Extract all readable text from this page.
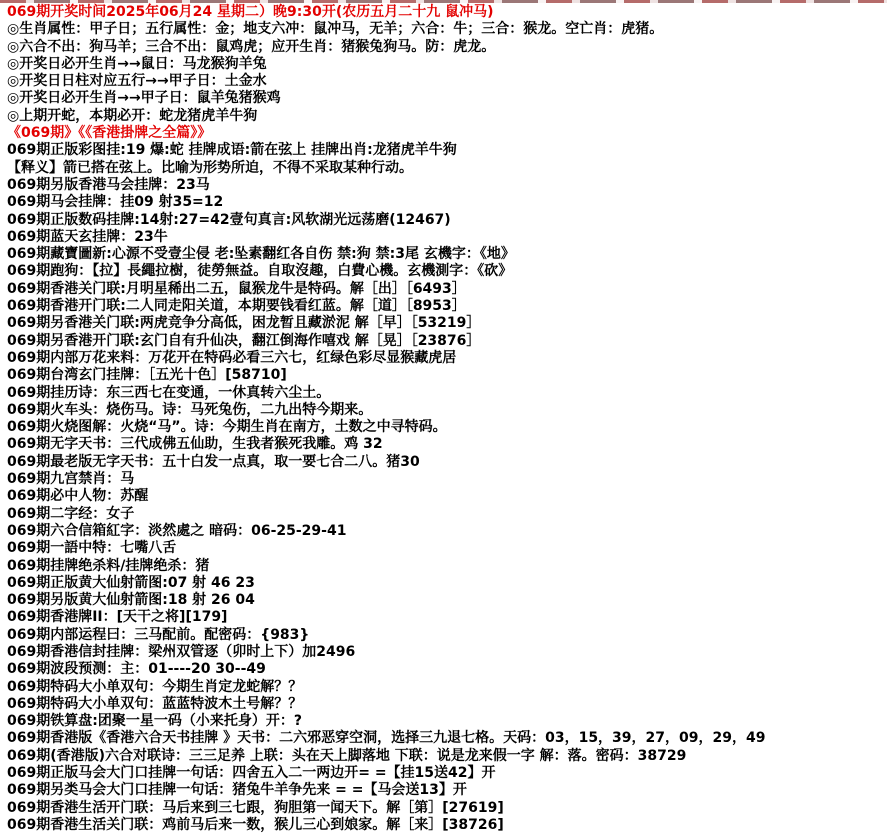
069期开奖时间2025年06月24 星期二）晚9:30开(农历五月二十九 鼠冲马)
◎生肖属性：甲子日；五行属性：金；地支六冲：鼠冲马，无羊；六合：牛；三合：猴龙。空亡肖：虎猪。
◎六合不出：狗马羊；三合不出：鼠鸡虎；应开生肖：猪猴兔狗马。防：虎龙。
◎开奖日必开生肖→→鼠日：马龙猴狗羊兔
◎开奖日日柱对应五行→→甲子日：土金水
◎开奖日必开生肖→→甲子日：鼠羊兔猪猴鸡
◎上期开蛇，本期必开：蛇龙猪虎羊牛狗
《069期》《《香港掛牌之全篇》》
069期正版彩图挂:19 爆:蛇 挂牌成语:箭在弦上 挂牌出肖:龙猪虎羊牛狗
【释义】箭已搭在弦上。比喻为形势所迫，不得不采取某种行动。
069期另版香港马会挂牌：23马
069期马会挂牌：挂09 射35=12
069期正版数码挂牌:14射:27=42壹句真言:风软湖光远荡磨(12467)
069期蓝天玄挂牌：23牛
069期藏寶圖新:心源不受壹尘侵 老:坠素翻红各自伤 禁:狗 禁:3尾 玄機字：《地》
069期跑狗：【拉】長繩拉樹，徒勞無益。自取沒趣，白費心機。玄機測字：《砍》
069期香港关门联:月明星稀出二五，鼠猴龙牛是特码。解［出］［6493］
069期香港开门联:二人同走阳关道，本期要钱看红蓝。解［道］［8953］
069期另香港关门联:两虎竞争分高低，困龙暂且藏淤泥 解［早］［53219］
069期另香港开门联:玄门自有升仙决，翻江倒海作嘻戏 解［晃］［23876］
069期内部万花来料：万花开在特码必看三六七，红绿色彩尽显猴藏虎居
069期台湾玄门挂牌：［五光十色］[58710]
069期挂历诗：东三西七在变通，一休真转六尘土。
069期火车头：烧伤马。诗：马死兔伤，二九出特今期来。
069期火烧图解：火烧“马”。诗：今期生肖在南方，土数之中寻特码。
069期无字天书：三代成佛五仙助，生我者猴死我雕。鸡 32
069期最老版无字天书：五十白发一点真，取一要七合二八。猪30
069期九宫禁肖：马
069期必中人物：苏醒
069期二字经：女子
069期六合信箱紅字：淡然處之 暗码：06-25-29-41
069期一語中特：七嘴八舌
069期挂牌绝杀料/挂牌绝杀：猪
069期正版黄大仙射箭图:07 射 46 23
069期另版黄大仙射箭图:18 射 26 04
069期香港牌II：[天干之将][179]
069期内部运程曰：三马配前。配密码：{983}
069期香港信封挂牌：梁州双管逐（卯时上下）加2496
069期波段预测：主：01----20 30--49
069期特码大小单双句：今期生肖定龙蛇解？？
069期特码大小单双句：蓝蓝特波木土号解？？
069期铁算盘:团聚一星一码（小来托身）开：?
069期香港版《香港六合天书挂牌 》天书：二六邪恶穿空洞，选择三九退七格。天码：03，15，39，27，09，29，49
069期(香港版)六合对联诗：三三足养 上联：头在天上脚落地 下联：说是龙来假一字 解：落。密码：38729
069期正版马会大门口挂牌一句话：四舍五入二一两边开= =【挂15送42】开
069期另类马会大门口挂牌一句话：猪兔牛羊争先来 = =【马会送13】开
069期香港生活开门联：马后来到三七跟，狗胆第一闻天下。解［第］[27619]
069期香港生活关门联：鸡前马后来一数，猴儿三心到娘家。解［来］[38726]
